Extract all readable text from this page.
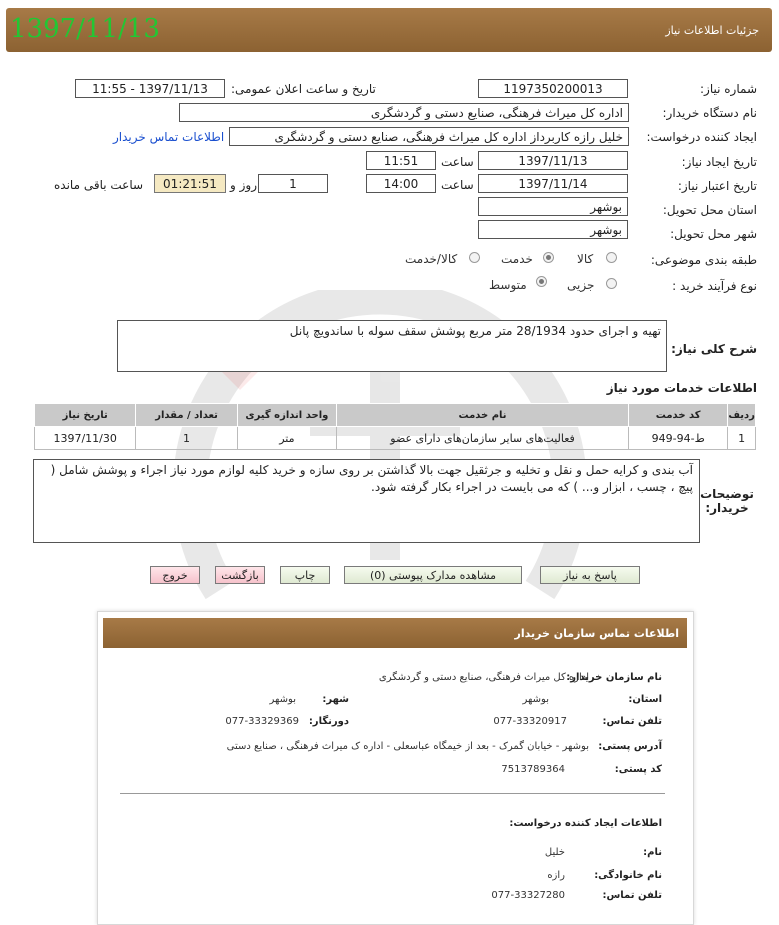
جزئیات اطلاعات نیاز
1397/11/13
شماره نیاز:
1197350200013
تاریخ و ساعت اعلان عمومی:
1397/11/13 - 11:55
نام دستگاه خریدار:
اداره کل میراث فرهنگی، صنایع دستی و گردشگری
ایجاد کننده درخواست:
خلیل رازه کاربرداز اداره کل میراث فرهنگی، صنایع دستی و گردشگری
اطلاعات تماس خریدار
تاریخ ایجاد نیاز:
1397/11/13
ساعت
11:51
تاریخ اعتبار نیاز:
1397/11/14
ساعت
14:00
1
روز و
01:21:51
ساعت باقی مانده
استان محل تحویل:
بوشهر
شهر محل تحویل:
بوشهر
طبقه بندی موضوعی:
کالا
خدمت
کالا/خدمت
نوع فرآیند خرید :
جزیی
متوسط
شرح کلی نیاز:
تهیه و اجرای حدود 28/1934 متر مربع پوشش سقف سوله با ساندویچ پانل
اطلاعات خدمات مورد نیاز
ردیف	کد خدمت	نام خدمت	واحد اندازه گیری	تعداد / مقدار	تاریخ نیاز
1	ط-94-949	فعالیت‌های سایر سازمان‌های دارای عضو	متر	1	1397/11/30
توضیحات خریدار:
آب بندی و کرایه حمل و نقل و تخلیه و جرثقیل جهت بالا گذاشتن بر روی سازه و خرید کلیه لوازم مورد نیاز اجراء و پوشش شامل ( پیچ ، چسب ، ابزار و... ) که می بایست در اجراء بکار گرفته شود.
پاسخ به نیاز
مشاهده مدارک پیوستی (0)
چاپ
بازگشت
خروج
اطلاعات تماس سازمان خریدار
نام سازمان خریدار:
اداره کل میراث فرهنگی، صنایع دستی و گردشگری
استان:
بوشهر
شهر:
بوشهر
تلفن تماس:
077-33320917
دورنگار:
077-33329369
آدرس پستی:
بوشهر - خیابان گمرک - بعد از خیمگاه عباسعلی - اداره ک میراث فرهنگی ، صنایع دستی
کد پستی:
7513789364
اطلاعات ایجاد کننده درخواست:
نام:
خلیل
نام خانوادگی:
رازه
تلفن تماس:
077-33327280
